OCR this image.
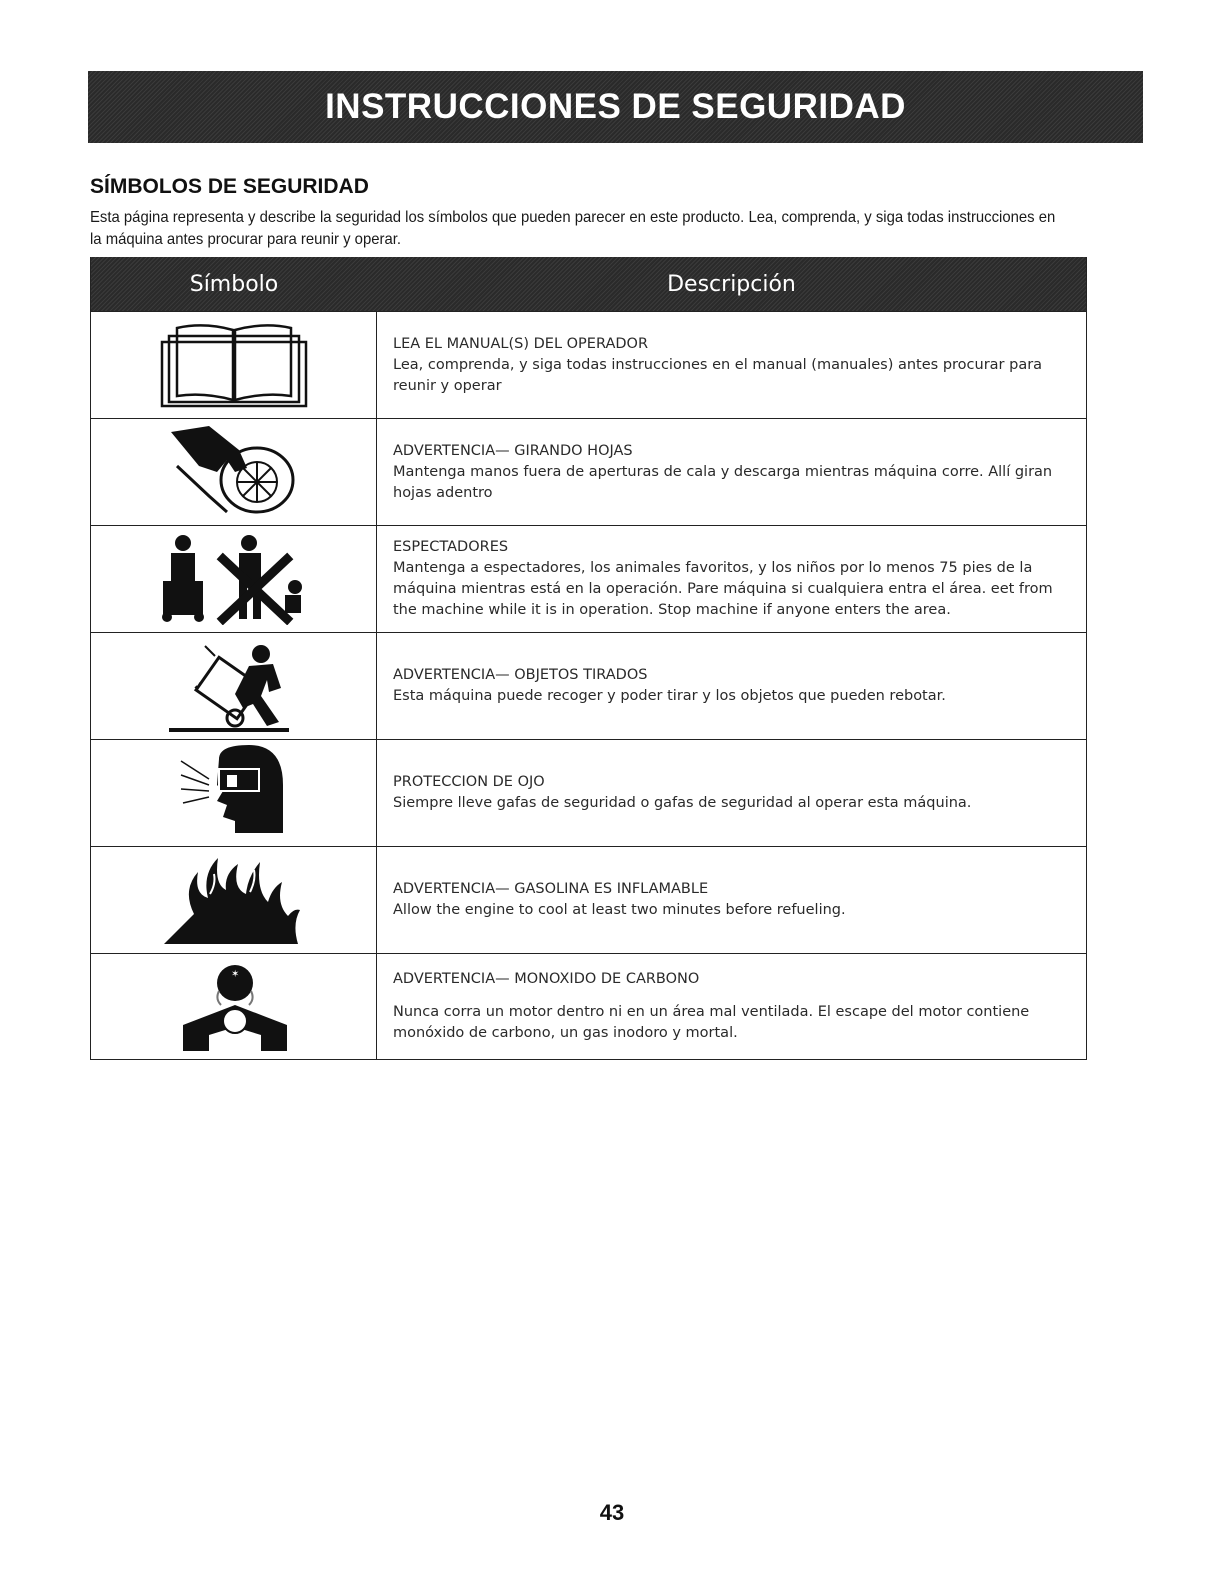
INSTRUCCIONES DE SEGURIDAD
SÍMBOLOS DE SEGURIDAD

Esta página representa y describe la seguridad los símbolos que pueden parecer en este producto. Lea, comprenda, y siga todas instrucciones en la máquina antes procurar para reunir y operar.

Símbolo	Descripción
LEA EL MANUAL(S) DEL OPERADOR
Lea, comprenda, y siga todas instrucciones en el manual (manuales) antes procurar para reunir y operar
ADVERTENCIA— GIRANDO HOJAS
Mantenga manos fuera de aperturas de cala y descarga mientras máquina corre. Allí giran hojas adentro
ESPECTADORES
Mantenga a espectadores, los animales favoritos, y los niños por lo menos 75 pies de la máquina mientras está en la operación. Pare máquina si cualquiera entra el área. eet from the machine while it is in operation. Stop machine if anyone enters the area.
ADVERTENCIA— OBJETOS TIRADOS
Esta máquina puede recoger y poder tirar y los objetos que pueden rebotar.
PROTECCION DE OJO
Siempre lleve gafas de seguridad o gafas de seguridad al operar esta máquina.
ADVERTENCIA— GASOLINA ES INFLAMABLE
Allow the engine to cool at least two minutes before refueling.
✶	ADVERTENCIA— MONOXIDO DE CARBONO
Nunca corra un motor dentro ni en un área mal ventilada. El escape del motor contiene monóxido de carbono, un gas inodoro y mortal.
43
